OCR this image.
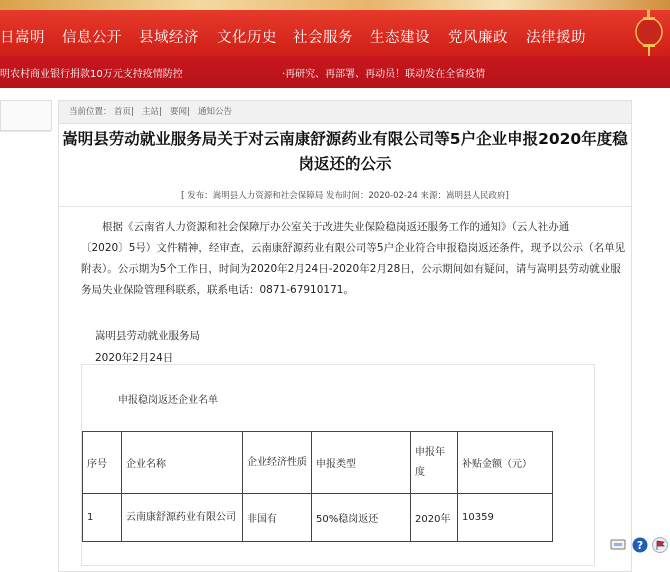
日嵩明 信息公开 县域经济 文化历史 社会服务 生态建设 党风廉政 法律援助
明农村商业银行捐款10万元支持疫情防控	·再研究、再部署、再动员！联动发在全省疫情
当前位置： 首页 | 主站 | 要闻 | 通知公告
嵩明县劳动就业服务局关于对云南康舒源药业有限公司等5户企业申报2020年度稳
岗返还的公示
[ 发布：嵩明县人力资源和社会保障局 发布时间：2020-02-24 来源：嵩明县人民政府]
　　根据《云南省人力资源和社会保障厅办公室关于改进失业保险稳岗返还服务工作的通知》（云人社办通
〔2020〕5号）文件精神，经审查，云南康舒源药业有限公司等5户企业符合申报稳岗返还条件，现予以公示（名单见
附表）。公示期为5个工作日，时间为2020年2月24日-2020年2月28日，公示期间如有疑问，请与嵩明县劳动就业服
务局失业保险管理科联系，联系电话：0871-67910171。
嵩明县劳动就业服务局
2020年2月24日
申报稳岗返还企业名单
序号	企业名称	企业经济性质	申报类型	申报年度	补贴金额（元）
1	云南康舒源药业有限公司	非国有	50%稳岗返还	2020年	10359
?
